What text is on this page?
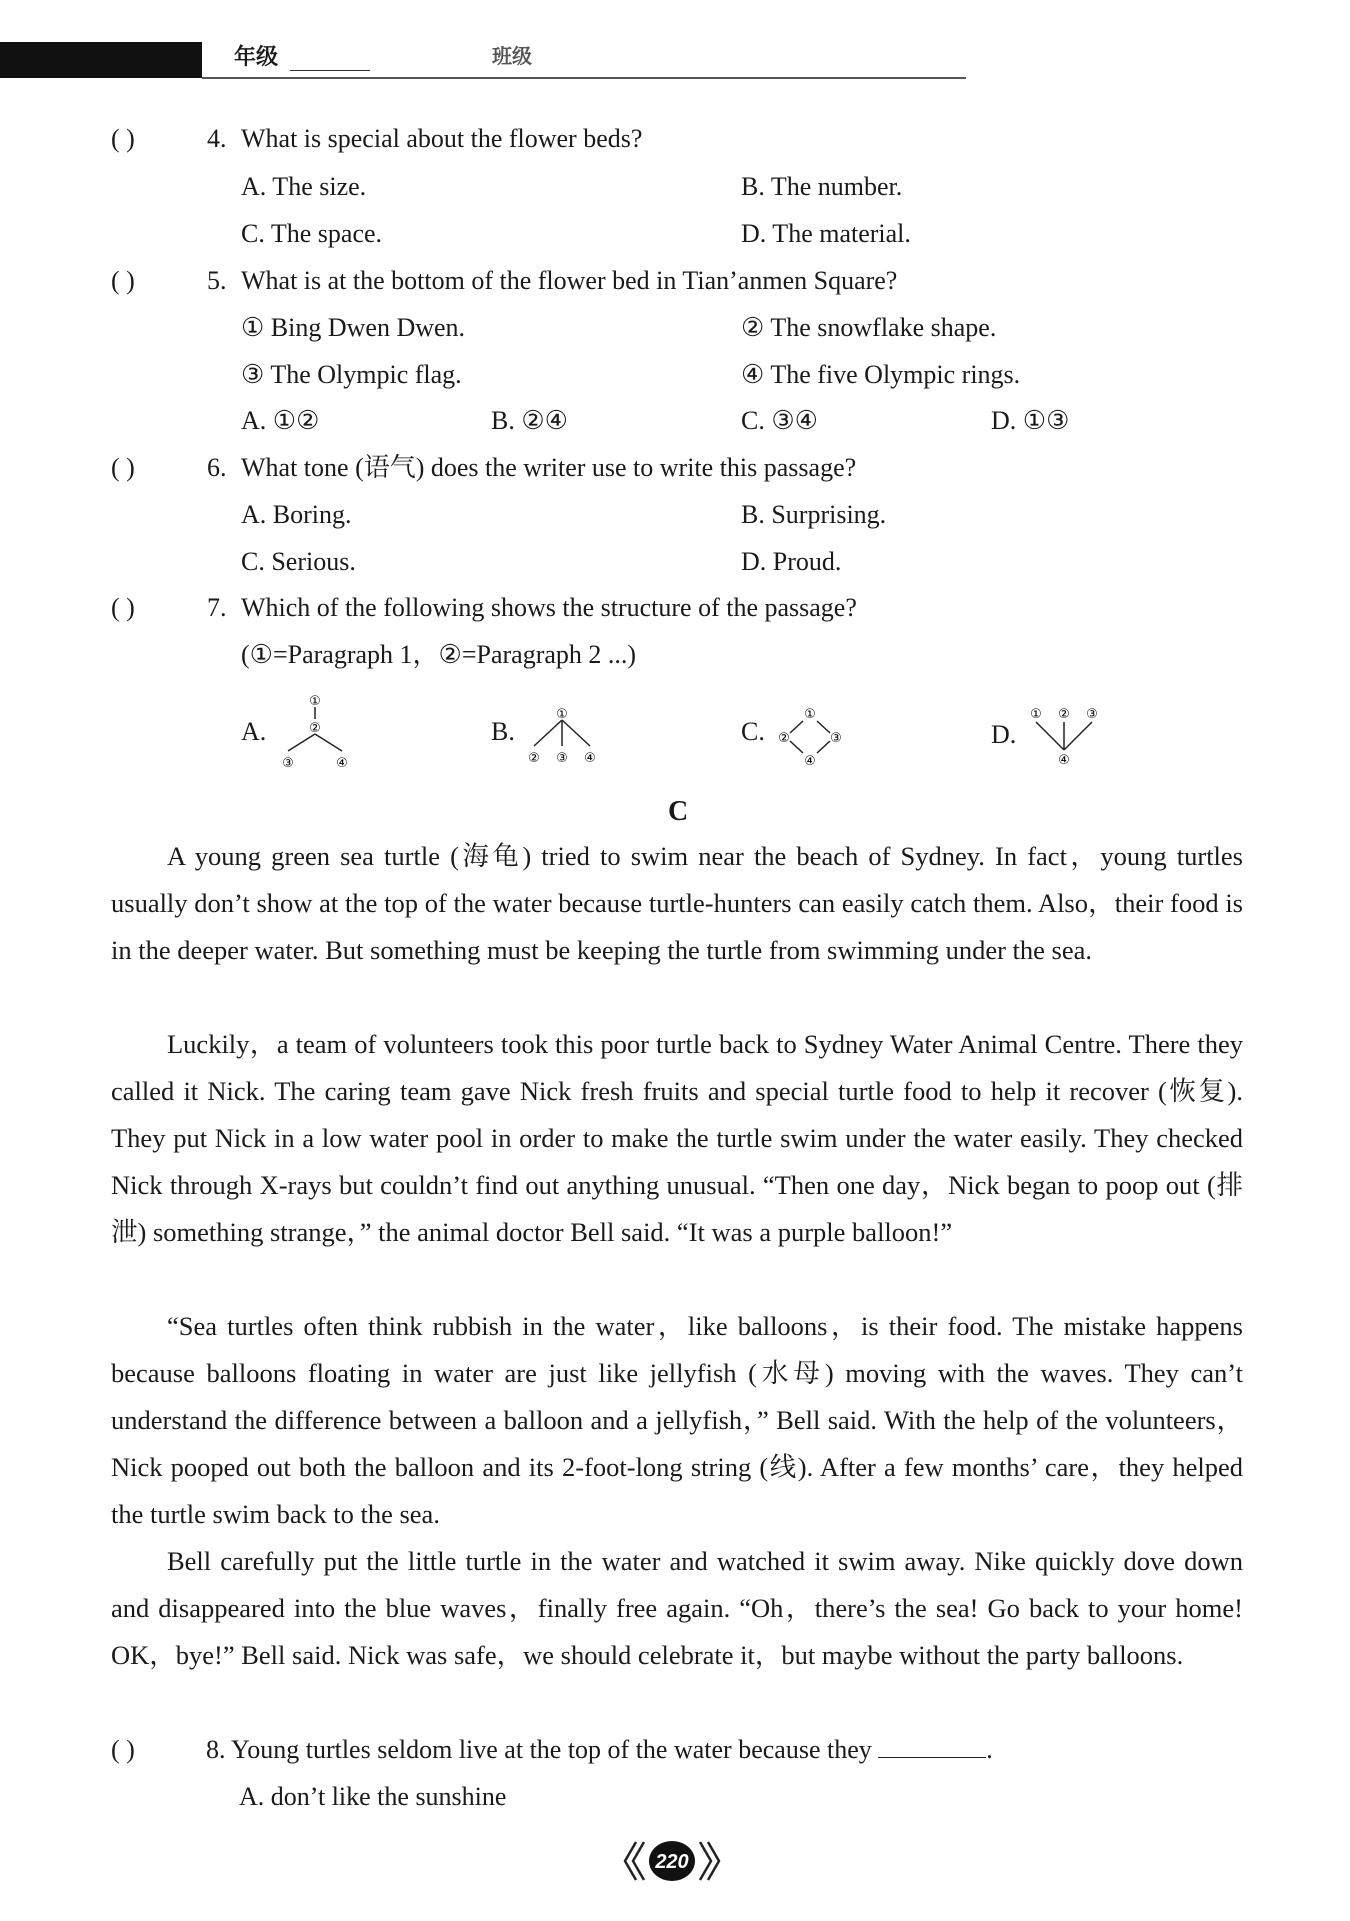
年级	班级
( )	4. What is special about the flower beds?
A. The size.	B. The number.
C. The space.	D. The material.
( )	5. What is at the bottom of the flower bed in Tian’anmen Square?
① Bing Dwen Dwen.	② The snowflake shape.
③ The Olympic flag.	④ The five Olympic rings.
A. ①②	B. ②④	C. ③④	D. ①③
( )	6. What tone (语气) does the writer use to write this passage?
A. Boring.	B. Surprising.
C. Serious.	D. Proud.
( )	7. Which of the following shows the structure of the passage?
(①=Paragraph 1，②=Paragraph 2 ...)
A.	B.	C.	D.
①
②
③	④
①
② ③ ④
①
②	③
④
① ② ③
④
C

A young green sea turtle (海龟) tried to swim near the beach of Sydney. In fact，young turtles usually don’t show at the top of the water because turtle-hunters can easily catch them. Also，their food is in the deeper water. But something must be keeping the turtle from swimming under the sea.

Luckily，a team of volunteers took this poor turtle back to Sydney Water Animal Centre. There they called it Nick. The caring team gave Nick fresh fruits and special turtle food to help it recover (恢复). They put Nick in a low water pool in order to make the turtle swim under the water easily. They checked Nick through X-rays but couldn’t find out anything unusual. “Then one day，Nick began to poop out (排泄) something strange，” the animal doctor Bell said. “It was a purple balloon!”

“Sea turtles often think rubbish in the water，like balloons，is their food. The mistake happens because balloons floating in water are just like jellyfish (水母) moving with the waves. They can’t understand the difference between a balloon and a jellyfish，” Bell said. With the help of the volunteers，Nick pooped out both the balloon and its 2-foot-long string (线). After a few months’ care，they helped the turtle swim back to the sea.

Bell carefully put the little turtle in the water and watched it swim away. Nike quickly dove down and disappeared into the blue waves，finally free again. “Oh，there’s the sea! Go back to your home! OK，bye!” Bell said. Nick was safe，we should celebrate it，but maybe without the party balloons.

( )	8. Young turtles seldom live at the top of the water because they	.
A. don’t like the sunshine
220
